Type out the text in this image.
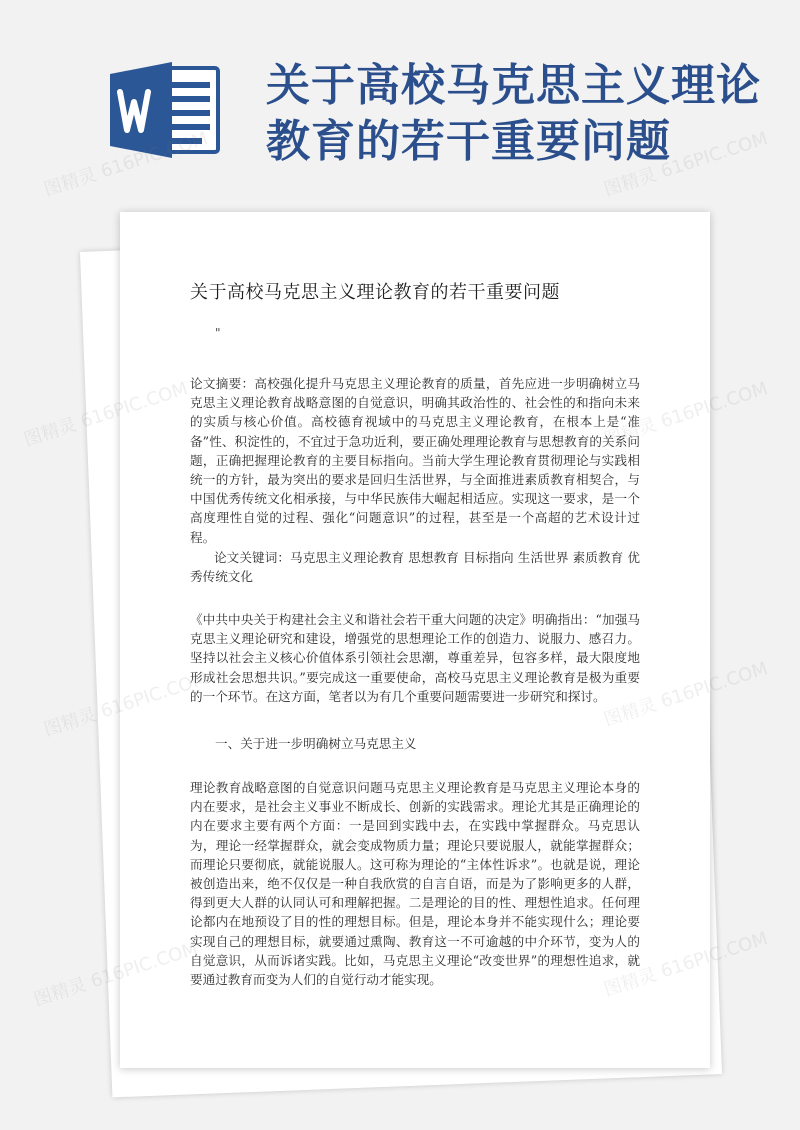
关于高校马克思主义理论教育的若干重要问题
关于高校马克思主义理论教育的若干重要问题
"

论文摘要：高校强化提升马克思主义理论教育的质量，首先应进一步明确树立马克思主义理论教育战略意图的自觉意识，明确其政治性的、社会性的和指向未来的实质与核心价值。高校德育视域中的马克思主义理论教育，在根本上是“准备”性、积淀性的，不宜过于急功近利，要正确处理理论教育与思想教育的关系问题，正确把握理论教育的主要目标指向。当前大学生理论教育贯彻理论与实践相统一的方针，最为突出的要求是回归生活世界，与全面推进素质教育相契合，与中国优秀传统文化相承接，与中华民族伟大崛起相适应。实现这一要求，是一个高度理性自觉的过程、强化“问题意识”的过程，甚至是一个高超的艺术设计过程。

论文关键词：马克思主义理论教育 思想教育 目标指向 生活世界 素质教育 优秀传统文化

《中共中央关于构建社会主义和谐社会若干重大问题的决定》明确指出：“加强马克思主义理论研究和建设，增强党的思想理论工作的创造力、说服力、感召力。坚持以社会主义核心价值体系引领社会思潮，尊重差异，包容多样，最大限度地形成社会思想共识。”要完成这一重要使命，高校马克思主义理论教育是极为重要的一个环节。在这方面，笔者以为有几个重要问题需要进一步研究和探讨。

一、关于进一步明确树立马克思主义

理论教育战略意图的自觉意识问题马克思主义理论教育是马克思主义理论本身的内在要求，是社会主义事业不断成长、创新的实践需求。理论尤其是正确理论的内在要求主要有两个方面：一是回到实践中去，在实践中掌握群众。马克思认为，理论一经掌握群众，就会变成物质力量；理论只要说服人，就能掌握群众；而理论只要彻底，就能说服人。这可称为理论的“主体性诉求”。也就是说，理论被创造出来，绝不仅仅是一种自我欣赏的自言自语，而是为了影响更多的人群，得到更大人群的认同认可和理解把握。二是理论的目的性、理想性追求。任何理论都内在地预设了目的性的理想目标。但是，理论本身并不能实现什么；理论要实现自己的理想目标，就要通过熏陶、教育这一不可逾越的中介环节，变为人的自觉意识，从而诉诸实践。比如，马克思主义理论“改变世界”的理想性追求，就要通过教育而变为人们的自觉行动才能实现。

图精灵 616PIC.COM	图精灵 616PIC.COM
图精灵
616PIC.COM
图精灵
616PIC.COM
图精灵
